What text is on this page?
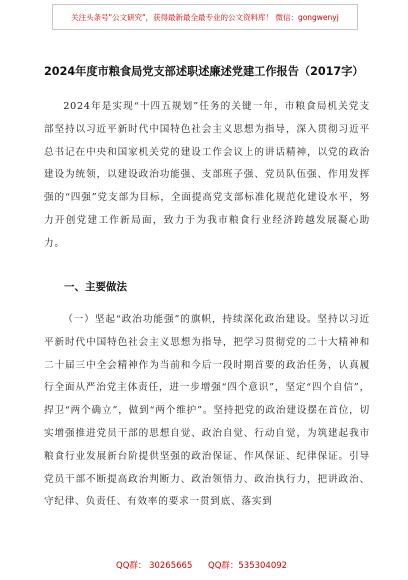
关注头条号"公文研究"，获得最新最全最专业的公文资料库！ 微信：gongwenyj
2024年度市粮食局党支部述职述廉述党建工作报告（2017字）
2024年是实现“十四五规划”任务的关键一年，市粮食局机关党支部坚持以习近平新时代中国特色社会主义思想为指导，深入贯彻习近平总书记在中央和国家机关党的建设工作会议上的讲话精神，以党的政治建设为统领，以建设政治功能强、支部班子强、党员队伍强、作用发挥强的“四强”党支部为目标，全面提高党支部标准化规范化建设水平，努力开创党建工作新局面，致力于为我市粮食行业经济跨越发展凝心助力。
一、主要做法
（一）坚起“政治功能强”的旗帜，持续深化政治建设。坚持以习近平新时代中国特色社会主义思想为指导，把学习贯彻党的二十大精神和二十届三中全会精神作为当前和今后一段时期首要的政治任务，认真履行全面从严治党主体责任，进一步增强“四个意识”，坚定“四个自信”，捍卫“两个确立”，做到“两个维护”。坚持把党的政治建设摆在首位，切实增强推进党员干部的思想自觉、政治自觉、行动自觉，为筑建起我市粮食行业发展新台阶提供坚强的政治保证、作风保证、纪律保证。引导党员干部不断提高政治判断力、政治领悟力、政治执行力，把讲政治、守纪律、负责任、有效率的要求一贯到底、落实到
QQ群： 30265665 QQ群：535304092
